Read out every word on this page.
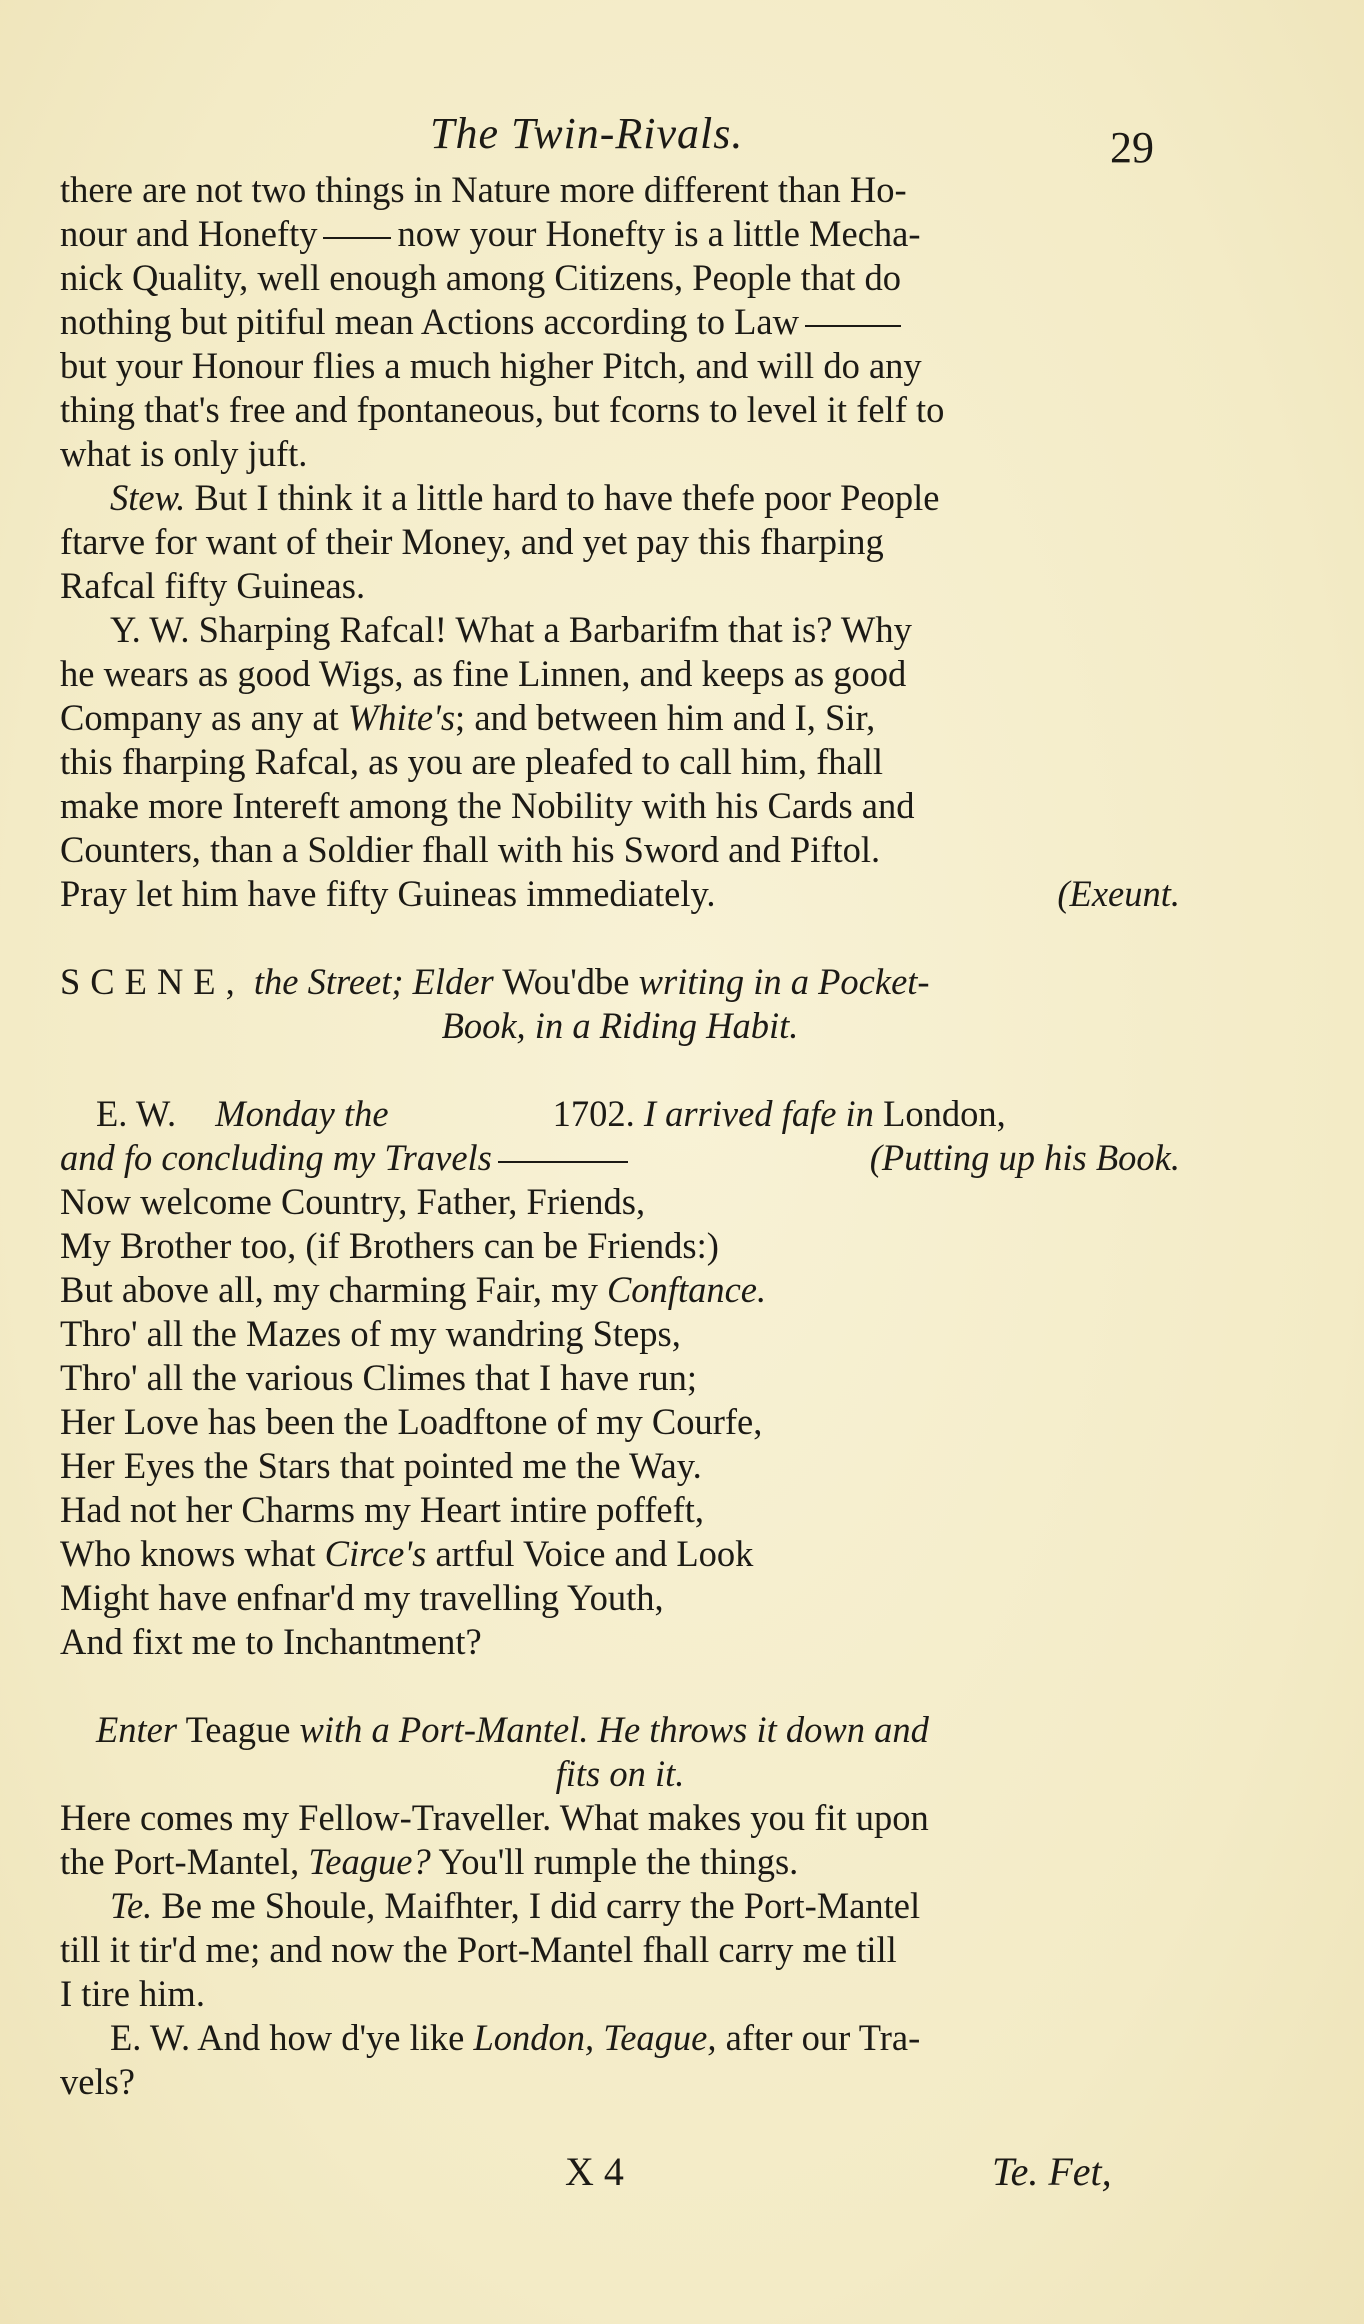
The Twin-Rivals.	29
there are not two things in Nature more different than Ho-
nour and Honefty now your Honefty is a little Mecha-
nick Quality, well enough among Citizens, People that do
nothing but pitiful mean Actions according to Law
but your Honour flies a much higher Pitch, and will do any
thing that's free and fpontaneous, but fcorns to level it felf to
what is only juft.
Stew. But I think it a little hard to have thefe poor People
ftarve for want of their Money, and yet pay this fharping
Rafcal fifty Guineas.
Y. W. Sharping Rafcal! What a Barbarifm that is? Why
he wears as good Wigs, as fine Linnen, and keeps as good
Company as any at White's; and between him and I, Sir,
this fharping Rafcal, as you are pleafed to call him, fhall
make more Intereft among the Nobility with his Cards and
Counters, than a Soldier fhall with his Sword and Piftol.
Pray let him have fifty Guineas immediately.	(Exeunt.
SCENE, the Street; Elder Wou'dbe writing in a Pocket-
Book, in a Riding Habit.
E. W. Monday the	1702. I arrived fafe in London,
and fo concluding my Travels	(Putting up his Book.
Now welcome Country, Father, Friends,
My Brother too, (if Brothers can be Friends:)
But above all, my charming Fair, my Conftance.
Thro' all the Mazes of my wandring Steps,
Thro' all the various Climes that I have run;
Her Love has been the Loadftone of my Courfe,
Her Eyes the Stars that pointed me the Way.
Had not her Charms my Heart intire poffeft,
Who knows what Circe's artful Voice and Look
Might have enfnar'd my travelling Youth,
And fixt me to Inchantment?
Enter Teague with a Port-Mantel. He throws it down and
fits on it.
Here comes my Fellow-Traveller. What makes you fit upon
the Port-Mantel, Teague? You'll rumple the things.
Te. Be me Shoule, Maifhter, I did carry the Port-Mantel
till it tir'd me; and now the Port-Mantel fhall carry me till
I tire him.
E. W. And how d'ye like London, Teague, after our Tra-
vels?
X 4	Te. Fet,
